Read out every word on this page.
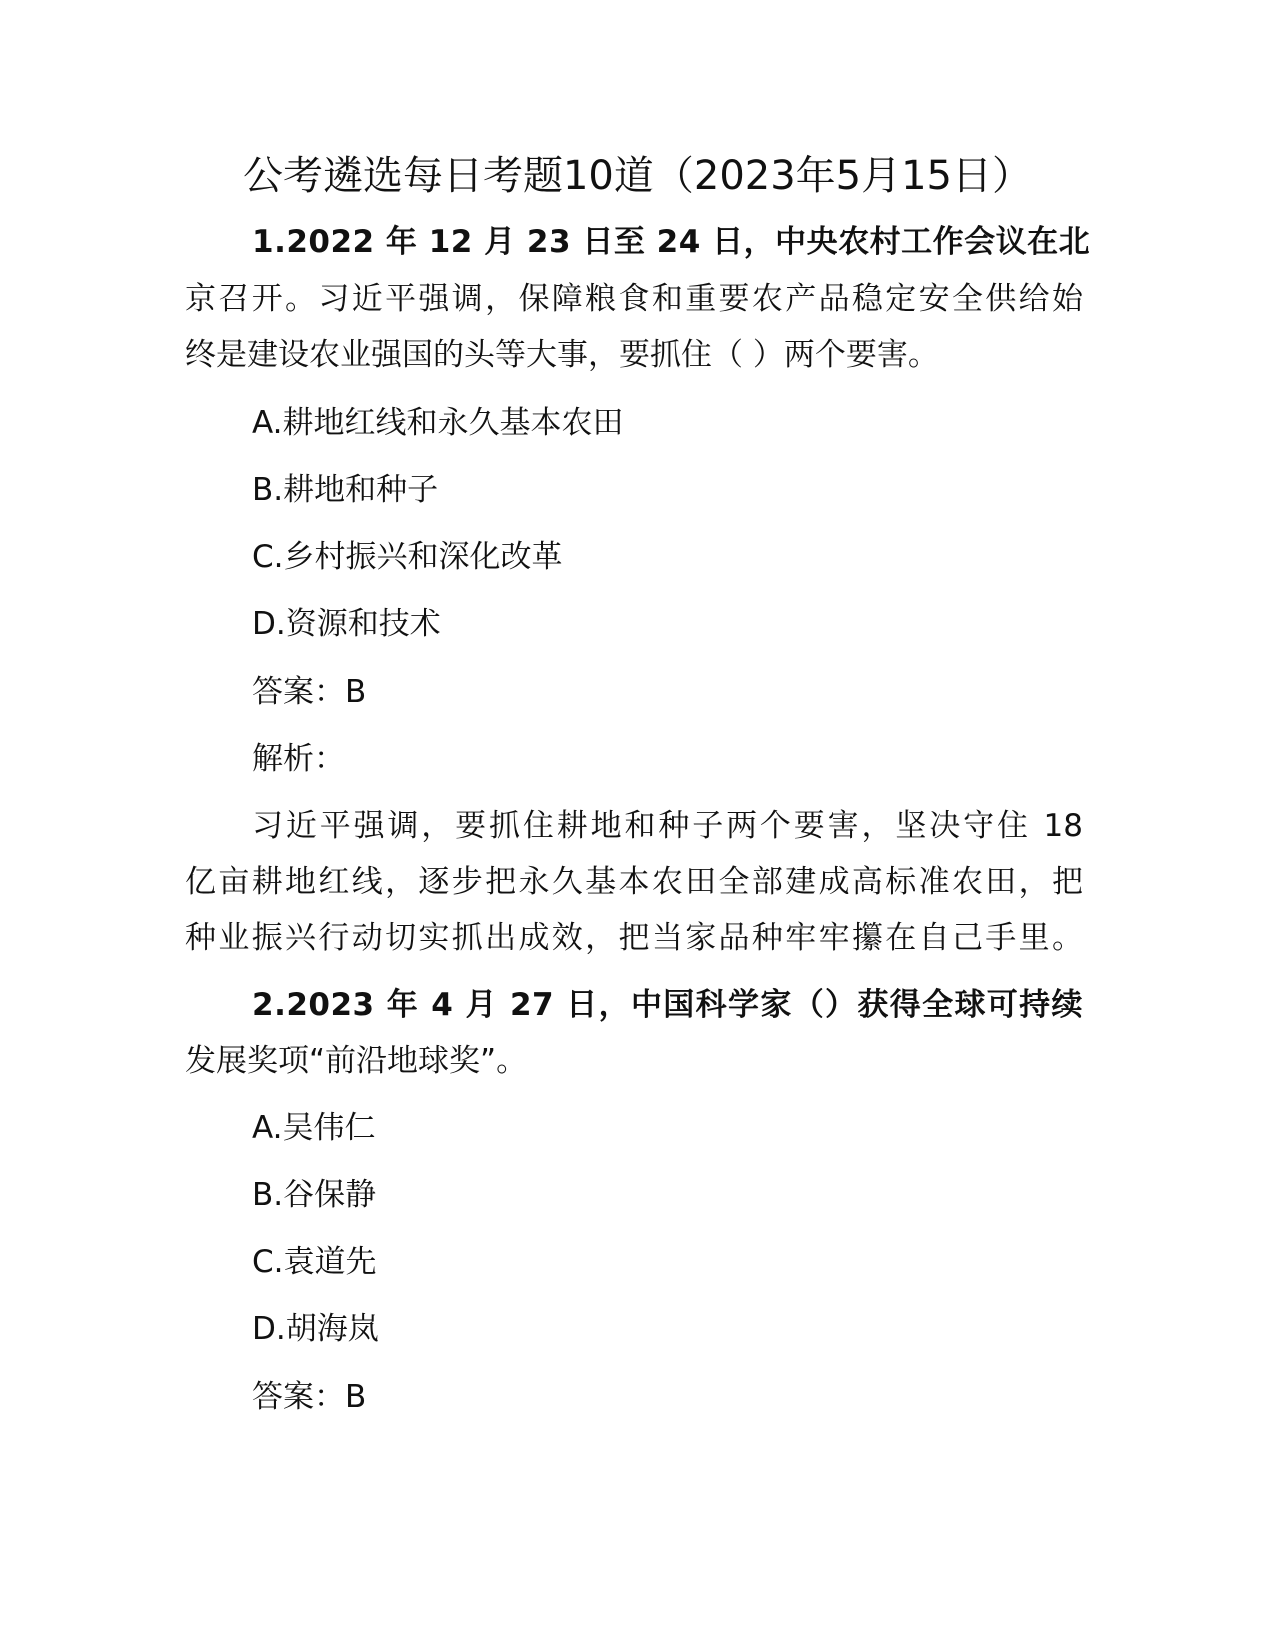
公考遴选每日考题10道（2023年5月15日）
1.2022 年 12 月 23 日至 24 日，中央农村工作会议在北
京召开。习近平强调，保障粮食和重要农产品稳定安全供给始
终是建设农业强国的头等大事，要抓住（ ）两个要害。
A.耕地红线和永久基本农田
B.耕地和种子
C.乡村振兴和深化改革
D.资源和技术
答案：B
解析：
习近平强调，要抓住耕地和种子两个要害，坚决守住 18
亿亩耕地红线，逐步把永久基本农田全部建成高标准农田，把
种业振兴行动切实抓出成效，把当家品种牢牢攥在自己手里。
2.2023 年 4 月 27 日，中国科学家（）获得全球可持续
发展奖项“前沿地球奖”。
A.吴伟仁
B.谷保静
C.袁道先
D.胡海岚
答案：B
